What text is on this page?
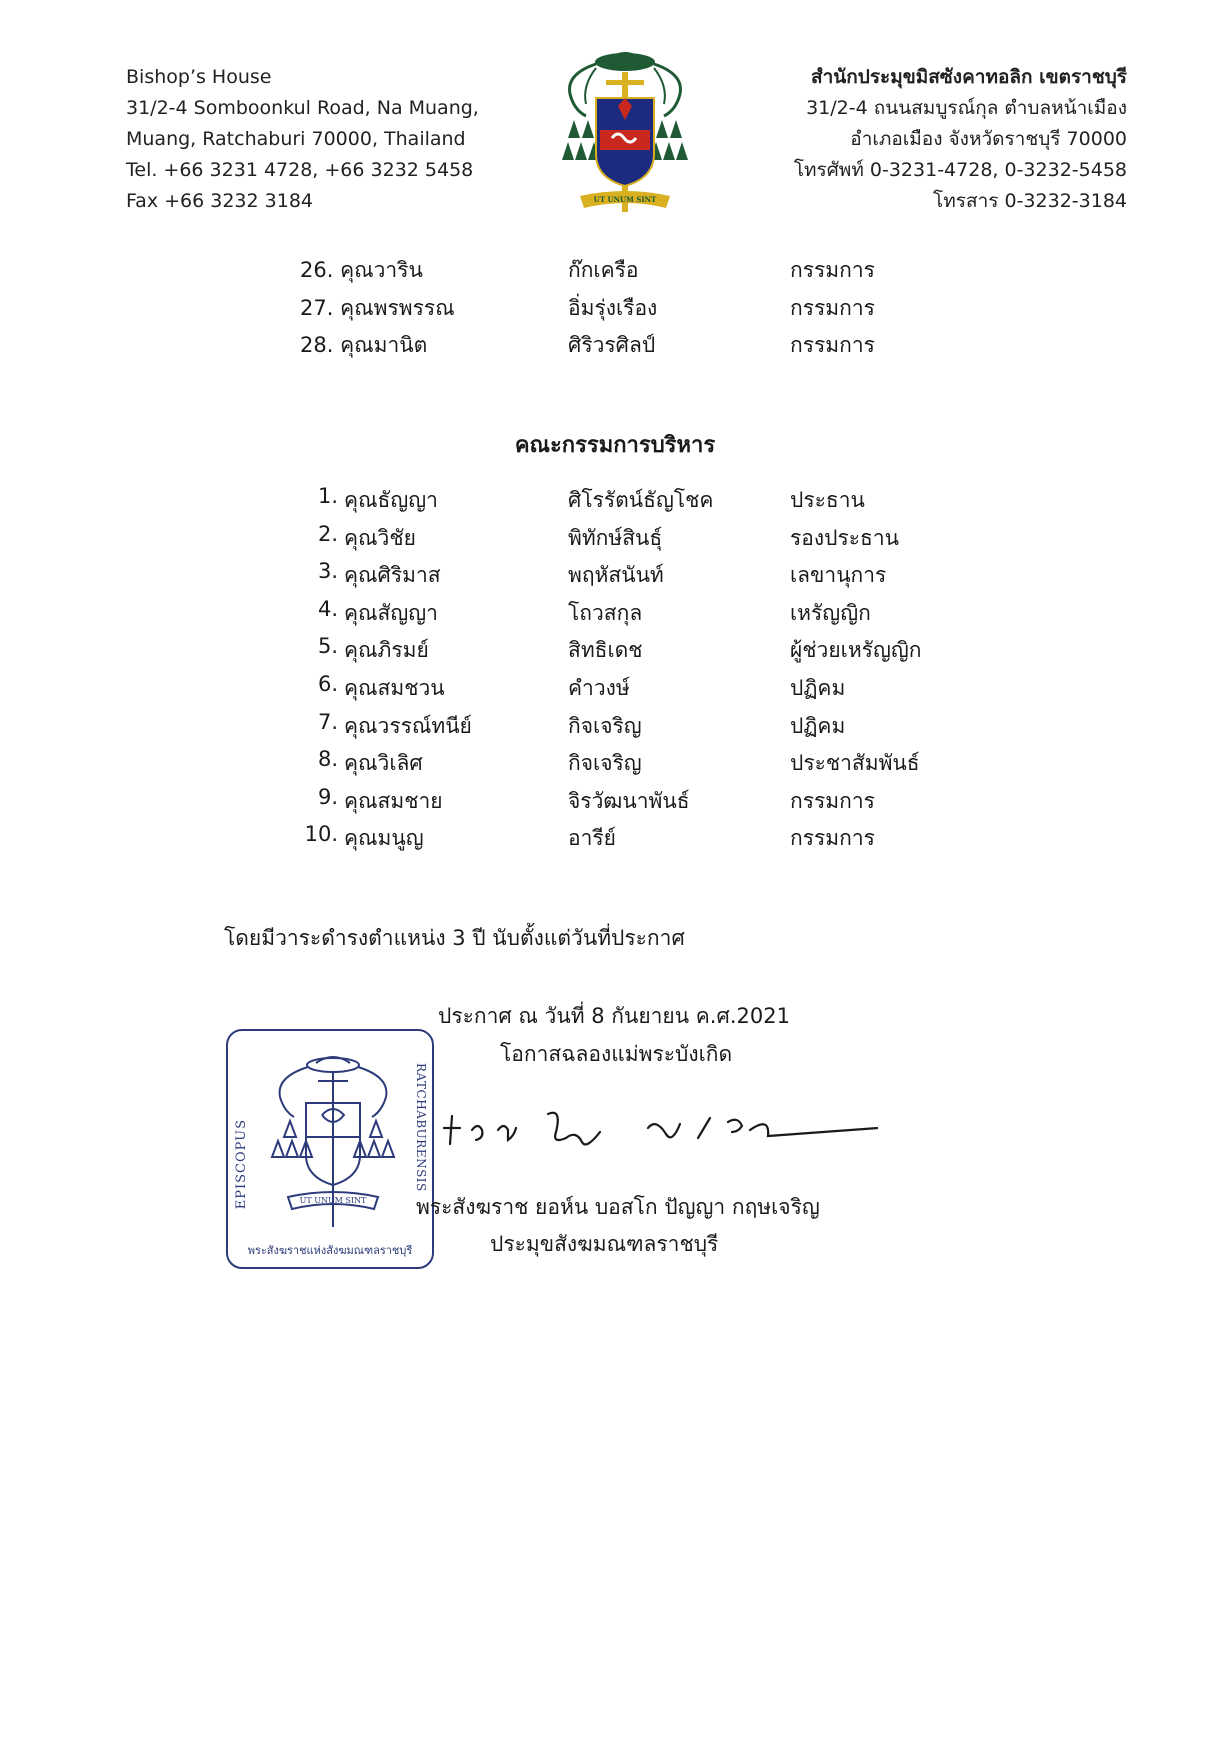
Bishop’s House
31/2-4 Somboonkul Road, Na Muang,
Muang, Ratchaburi 70000, Thailand
Tel. +66 3231 4728, +66 3232 5458
Fax +66 3232 3184	UT UNUM SINT
สำนักประมุขมิสซังคาทอลิก เขตราชบุรี
31/2-4 ถนนสมบูรณ์กุล ตำบลหน้าเมือง
อำเภอเมือง จังหวัดราชบุรี 70000
โทรศัพท์ 0-3231-4728, 0-3232-5458
โทรสาร 0-3232-3184
26. คุณวาริน	ก๊กเครือ	กรรมการ
27. คุณพรพรรณ	อิ่มรุ่งเรือง	กรรมการ
28. คุณมานิต	ศิริวรศิลป์	กรรมการ
คณะกรรมการบริหาร
1. คุณธัญญา	ศิโรรัตน์ธัญโชค	ประธาน
2. คุณวิชัย	พิทักษ์สินธุ์	รองประธาน
3. คุณศิริมาส	พฤหัสนันท์	เลขานุการ
4. คุณสัญญา	โถวสกุล	เหรัญญิก
5. คุณภิรมย์	สิทธิเดช	ผู้ช่วยเหรัญญิก
6. คุณสมชวน	คำวงษ์	ปฏิคม
7. คุณวรรณ์ทนีย์	กิจเจริญ	ปฏิคม
8. คุณวิเลิศ	กิจเจริญ	ประชาสัมพันธ์
9. คุณสมชาย	จิรวัฒนาพันธ์	กรรมการ
10. คุณมนูญ	อารีย์	กรรมการ
โดยมีวาระดำรงตำแหน่ง 3 ปี นับตั้งแต่วันที่ประกาศ
ประกาศ ณ วันที่ 8 กันยายน ค.ศ.2021
โอกาสฉลองแม่พระบังเกิด
EPISCOPUS	RATCHABURENSIS
UT UNUM SINT
พระสังฆราชแห่งสังฆมณฑลราชบุรี
พระสังฆราช ยอห์น บอสโก ปัญญา กฤษเจริญ
ประมุขสังฆมณฑลราชบุรี
